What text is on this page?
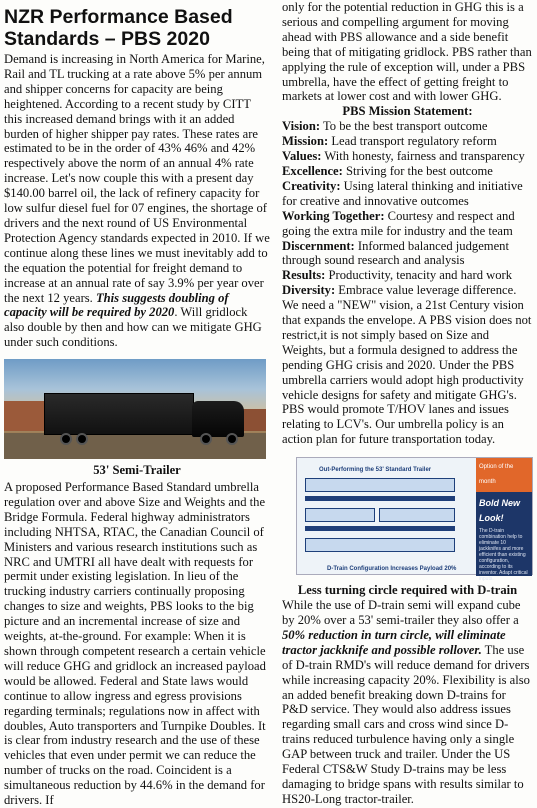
NZR Performance Based
Standards – PBS 2020

Demand is increasing in North America for Marine, Rail and TL trucking at a rate above 5% per annum and shipper concerns for capacity are being heightened. According to a recent study by CITT this increased demand brings with it an added burden of higher shipper pay rates. These rates are estimated to be in the order of 43% 46% and 42% respectively above the norm of an annual 4% rate increase. Let's now couple this with a present day $140.00 barrel oil, the lack of refinery capacity for low sulfur diesel fuel for 07 engines, the shortage of drivers and the next round of US Environmental Protection Agency standards expected in 2010. If we continue along these lines we must inevitably add to the equation the potential for freight demand to increase at an annual rate of say 3.9% per year over the next 12 years. This suggests doubling of capacity will be required by 2020. Will gridlock also double by then and how can we mitigate GHG under such conditions.

53' Semi-Trailer

A proposed Performance Based Standard umbrella regulation over and above Size and Weights and the Bridge Formula. Federal highway administrators including NHTSA, RTAC, the Canadian Council of Ministers and various research institutions such as NRC and UMTRI all have dealt with requests for permit under existing legislation. In lieu of the trucking industry carriers continually proposing changes to size and weights, PBS looks to the big picture and an incremental increase of size and weights, at-the-ground. For example: When it is shown through competent research a certain vehicle will reduce GHG and gridlock an increased payload would be allowed. Federal and State laws would continue to allow ingress and egress provisions regarding terminals; regulations now in affect with doubles, Auto transporters and Turnpike Doubles. It is clear from industry research and the use of these vehicles that even under permit we can reduce the number of trucks on the road. Coincident is a simultaneous reduction by 44.6% in the demand for drivers. If

only for the potential reduction in GHG this is a serious and compelling argument for moving ahead with PBS allowance and a side benefit being that of mitigating gridlock. PBS rather than applying the rule of exception will, under a PBS umbrella, have the effect of getting freight to markets at lower cost and with lower GHG.

PBS Mission Statement:

Vision: To be the best transport outcome

Mission: Lead transport regulatory reform

Values: With honesty, fairness and transparency

Excellence: Striving for the best outcome

Creativity: Using lateral thinking and initiative for creative and innovative outcomes

Working Together: Courtesy and respect and going the extra mile for industry and the team

Discernment: Informed balanced judgement through sound research and analysis

Results: Productivity, tenacity and hard work

Diversity: Embrace value leverage difference.

We need a "NEW" vision, a 21st Century vision that expands the envelope. A PBS vision does not restrict,it is not simply based on Size and Weights, but a formula designed to address the pending GHG crisis and 2020. Under the PBS umbrella carriers would adopt high productivity vehicle designs for safety and mitigate GHG's. PBS would promote T/HOV lanes and issues relating to LCV's. Our umbrella policy is an action plan for future transportation today.

Out-Performing the 53' Standard Trailer
D-Train Configuration Increases Payload 20%
Option of the month
Bold New Look!
The D-train combination help to eliminate 10 jackknifes and more efficient than existing configuration, according to its inventor. Adapt critical inputs.
Less turning circle required with D-train

While the use of D-train semi will expand cube by 20% over a 53' semi-trailer they also offer a 50% reduction in turn circle, will eliminate tractor jackknife and possible rollover. The use of D-train RMD's will reduce demand for drivers while increasing capacity 20%. Flexibility is also an added benefit breaking down D-trains for P&D service. They would also address issues regarding small cars and cross wind since D-trains reduced turbulence having only a single GAP between truck and trailer. Under the US Federal CTS&W Study D-trains may be less damaging to bridge spans with results similar to HS20-Long tractor-trailer.
